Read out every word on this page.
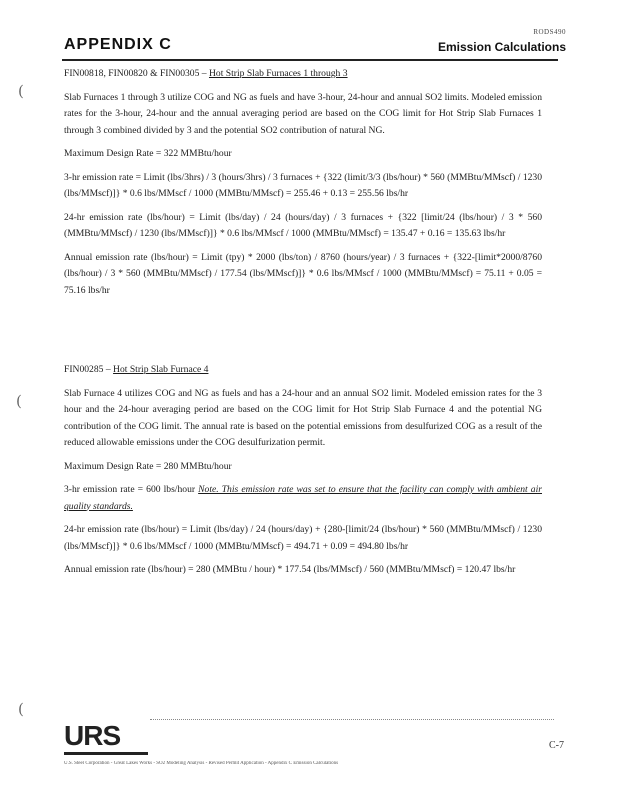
RODS490
APPENDIX C	Emission Calculations
(
(
(

FIN00818, FIN00820 & FIN00305 – Hot Strip Slab Furnaces 1 through 3

Slab Furnaces 1 through 3 utilize COG and NG as fuels and have 3-hour, 24-hour and annual SO2 limits. Modeled emission rates for the 3-hour, 24-hour and the annual averaging period are based on the COG limit for Hot Strip Slab Furnaces 1 through 3 combined divided by 3 and the potential SO2 contribution of natural NG.

Maximum Design Rate = 322 MMBtu/hour

3-hr emission rate = Limit (lbs/3hrs) / 3 (hours/3hrs) / 3 furnaces + {322 (limit/3/3 (lbs/hour) * 560 (MMBtu/MMscf) / 1230 (lbs/MMscf)]} * 0.6 lbs/MMscf / 1000 (MMBtu/MMscf) = 255.46 + 0.13 = 255.56 lbs/hr

24-hr emission rate (lbs/hour) = Limit (lbs/day) / 24 (hours/day) / 3 furnaces + {322 [limit/24 (lbs/hour) / 3 * 560 (MMBtu/MMscf) / 1230 (lbs/MMscf)]} * 0.6 lbs/MMscf / 1000 (MMBtu/MMscf) = 135.47 + 0.16 = 135.63 lbs/hr

Annual emission rate (lbs/hour) = Limit (tpy) * 2000 (lbs/ton) / 8760 (hours/year) / 3 furnaces + {322-[limit*2000/8760 (lbs/hour) / 3 * 560 (MMBtu/MMscf) / 177.54 (lbs/MMscf)]} * 0.6 lbs/MMscf / 1000 (MMBtu/MMscf) = 75.11 + 0.05 = 75.16 lbs/hr

FIN00285 – Hot Strip Slab Furnace 4

Slab Furnace 4 utilizes COG and NG as fuels and has a 24-hour and an annual SO2 limit. Modeled emission rates for the 3 hour and the 24-hour averaging period are based on the COG limit for Hot Strip Slab Furnace 4 and the potential NG contribution of the COG limit. The annual rate is based on the potential emissions from desulfurized COG as a result of the reduced allowable emissions under the COG desulfurization permit.

Maximum Design Rate = 280 MMBtu/hour

3-hr emission rate = 600 lbs/hour Note. This emission rate was set to ensure that the facility can comply with ambient air quality standards.

24-hr emission rate (lbs/hour) = Limit (lbs/day) / 24 (hours/day) + {280-[limit/24 (lbs/hour) * 560 (MMBtu/MMscf) / 1230 (lbs/MMscf)]} * 0.6 lbs/MMscf / 1000 (MMBtu/MMscf) = 494.71 + 0.09 = 494.80 lbs/hr

Annual emission rate (lbs/hour) = 280 (MMBtu / hour) * 177.54 (lbs/MMscf) / 560 (MMBtu/MMscf) = 120.47 lbs/hr

URS	C-7
U.S. Steel Corporation - Great Lakes Works - SO2 Modeling Analysis - Revised Permit Application - Appendix C Emission Calculations
